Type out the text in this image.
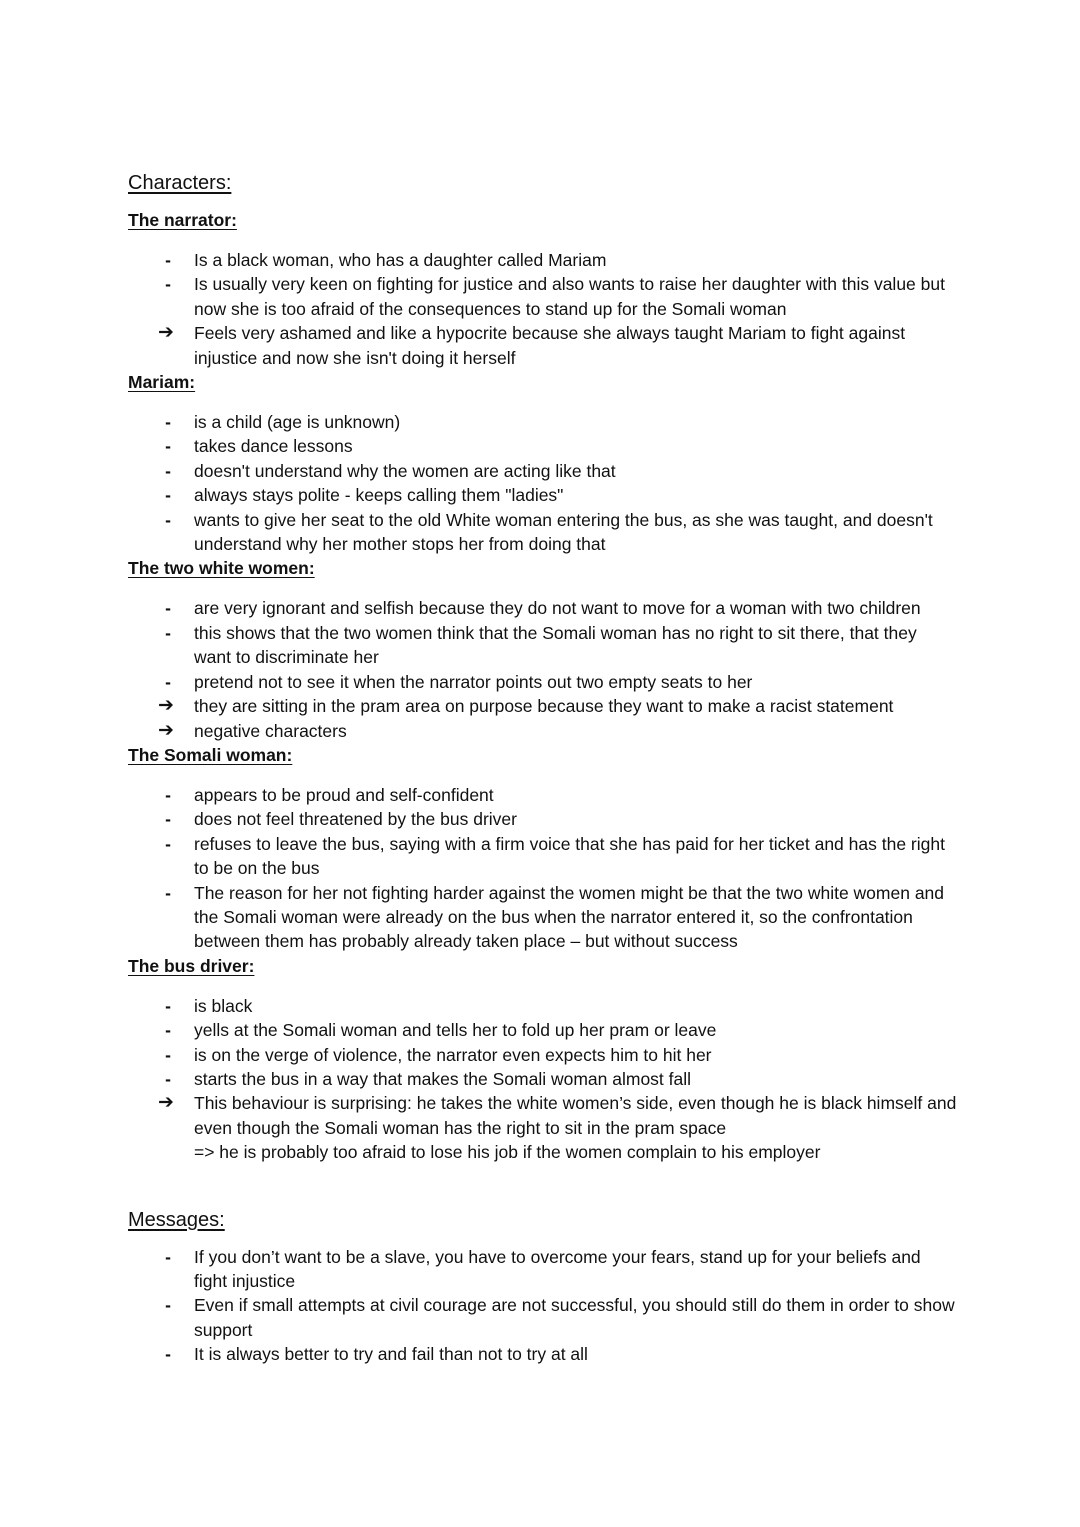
Characters:
The narrator:
-	Is a black woman, who has a daughter called Mariam
-	Is usually very keen on fighting for justice and also wants to raise her daughter with this value but now she is too afraid of the consequences to stand up for the Somali woman
➔ Feels very ashamed and like a hypocrite because she always taught Mariam to fight against injustice and now she isn't doing it herself
Mariam:
-	is a child (age is unknown)
-	takes dance lessons
-	doesn't understand why the women are acting like that
-	always stays polite - keeps calling them "ladies"
-	wants to give her seat to the old White woman entering the bus, as she was taught, and doesn't understand why her mother stops her from doing that
The two white women:
-	are very ignorant and selfish because they do not want to move for a woman with two children
-	this shows that the two women think that the Somali woman has no right to sit there, that they want to discriminate her
-	pretend not to see it when the narrator points out two empty seats to her
➔ they are sitting in the pram area on purpose because they want to make a racist statement
➔ negative characters
The Somali woman:
-	appears to be proud and self-confident
-	does not feel threatened by the bus driver
-	refuses to leave the bus, saying with a firm voice that she has paid for her ticket and has the right to be on the bus
-	The reason for her not fighting harder against the women might be that the two white women and the Somali woman were already on the bus when the narrator entered it, so the confrontation between them has probably already taken place – but without success
The bus driver:
-	is black
-	yells at the Somali woman and tells her to fold up her pram or leave
-	is on the verge of violence, the narrator even expects him to hit her
-	starts the bus in a way that makes the Somali woman almost fall
➔ This behaviour is surprising: he takes the white women’s side, even though he is black himself and even though the Somali woman has the right to sit in the pram space
=> he is probably too afraid to lose his job if the women complain to his employer
Messages:
-	If you don’t want to be a slave, you have to overcome your fears, stand up for your beliefs and fight injustice
-	Even if small attempts at civil courage are not successful, you should still do them in order to show support
-	It is always better to try and fail than not to try at all
